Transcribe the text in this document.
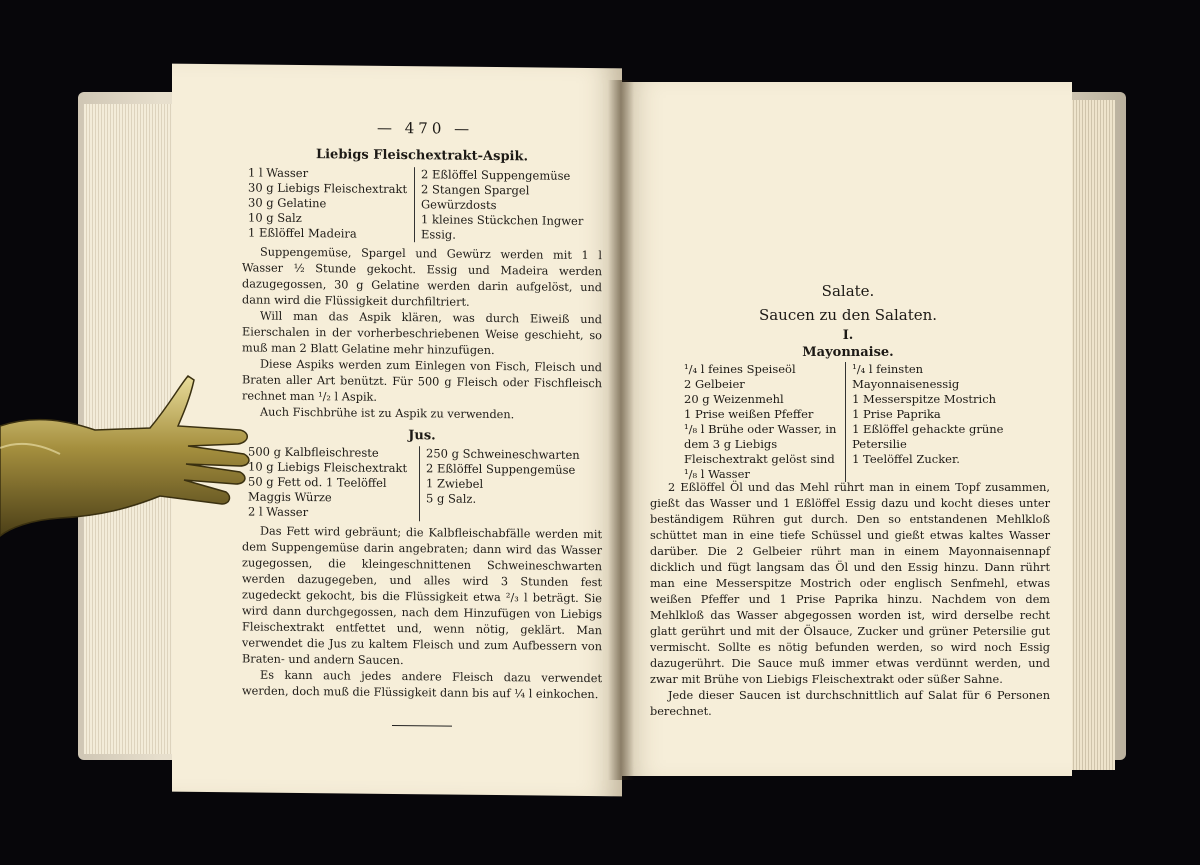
— 470 —
Liebigs Fleischextrakt-Aspik.
1 l Wasser
30 g Liebigs Fleischextrakt
30 g Gelatine
10 g Salz
1 Eßlöffel Madeira
2 Eßlöffel Suppengemüse
2 Stangen Spargel
Gewürzdosts
1 kleines Stückchen Ingwer
Essig.
Suppengemüse, Spargel und Gewürz werden mit 1 l Wasser ½ Stunde gekocht. Essig und Madeira werden dazugegossen, 30 g Gelatine werden darin aufgelöst, und dann wird die Flüssigkeit durchfiltriert.
Will man das Aspik klären, was durch Eiweiß und Eierschalen in der vorherbeschriebenen Weise geschieht, so muß man 2 Blatt Gelatine mehr hinzufügen.
Diese Aspiks werden zum Einlegen von Fisch, Fleisch und Braten aller Art benützt. Für 500 g Fleisch oder Fischfleisch rechnet man ¹/₂ l Aspik.
Auch Fischbrühe ist zu Aspik zu verwenden.
Jus.
500 g Kalbfleischreste
10 g Liebigs Fleischextrakt
50 g Fett od. 1 Teelöffel Maggis Würze
2 l Wasser
250 g Schweineschwarten
2 Eßlöffel Suppengemüse
1 Zwiebel
5 g Salz.
Das Fett wird gebräunt; die Kalbfleischabfälle werden mit dem Suppengemüse darin angebraten; dann wird das Wasser zugegossen, die kleingeschnittenen Schweineschwarten werden dazugegeben, und alles wird 3 Stunden fest zugedeckt gekocht, bis die Flüssigkeit etwa ²/₃ l beträgt. Sie wird dann durchgegossen, nach dem Hinzufügen von Liebigs Fleischextrakt entfettet und, wenn nötig, geklärt. Man verwendet die Jus zu kaltem Fleisch und zum Aufbessern von Braten- und andern Saucen.
Es kann auch jedes andere Fleisch dazu verwendet werden, doch muß die Flüssigkeit dann bis auf ¼ l einkochen.
Salate.
Saucen zu den Salaten.
I.
Mayonnaise.
¹/₄ l feines Speiseöl
2 Gelbeier
20 g Weizenmehl
1 Prise weißen Pfeffer
¹/₈ l Brühe oder Wasser, in dem 3 g Liebigs Fleischextrakt gelöst sind
¹/₈ l Wasser
¹/₄ l feinsten Mayonnaisenessig
1 Messerspitze Mostrich
1 Prise Paprika
1 Eßlöffel gehackte grüne Petersilie
1 Teelöffel Zucker.
2 Eßlöffel Öl und das Mehl rührt man in einem Topf zusammen, gießt das Wasser und 1 Eßlöffel Essig dazu und kocht dieses unter beständigem Rühren gut durch. Den so entstandenen Mehlkloß schüttet man in eine tiefe Schüssel und gießt etwas kaltes Wasser darüber. Die 2 Gelbeier rührt man in einem Mayonnaisennapf dicklich und fügt langsam das Öl und den Essig hinzu. Dann rührt man eine Messerspitze Mostrich oder englisch Senfmehl, etwas weißen Pfeffer und 1 Prise Paprika hinzu. Nachdem von dem Mehlkloß das Wasser abgegossen worden ist, wird derselbe recht glatt gerührt und mit der Ölsauce, Zucker und grüner Petersilie gut vermischt. Sollte es nötig befunden werden, so wird noch Essig dazugerührt. Die Sauce muß immer etwas verdünnt werden, und zwar mit Brühe von Liebigs Fleischextrakt oder süßer Sahne.
Jede dieser Saucen ist durchschnittlich auf Salat für 6 Personen berechnet.
